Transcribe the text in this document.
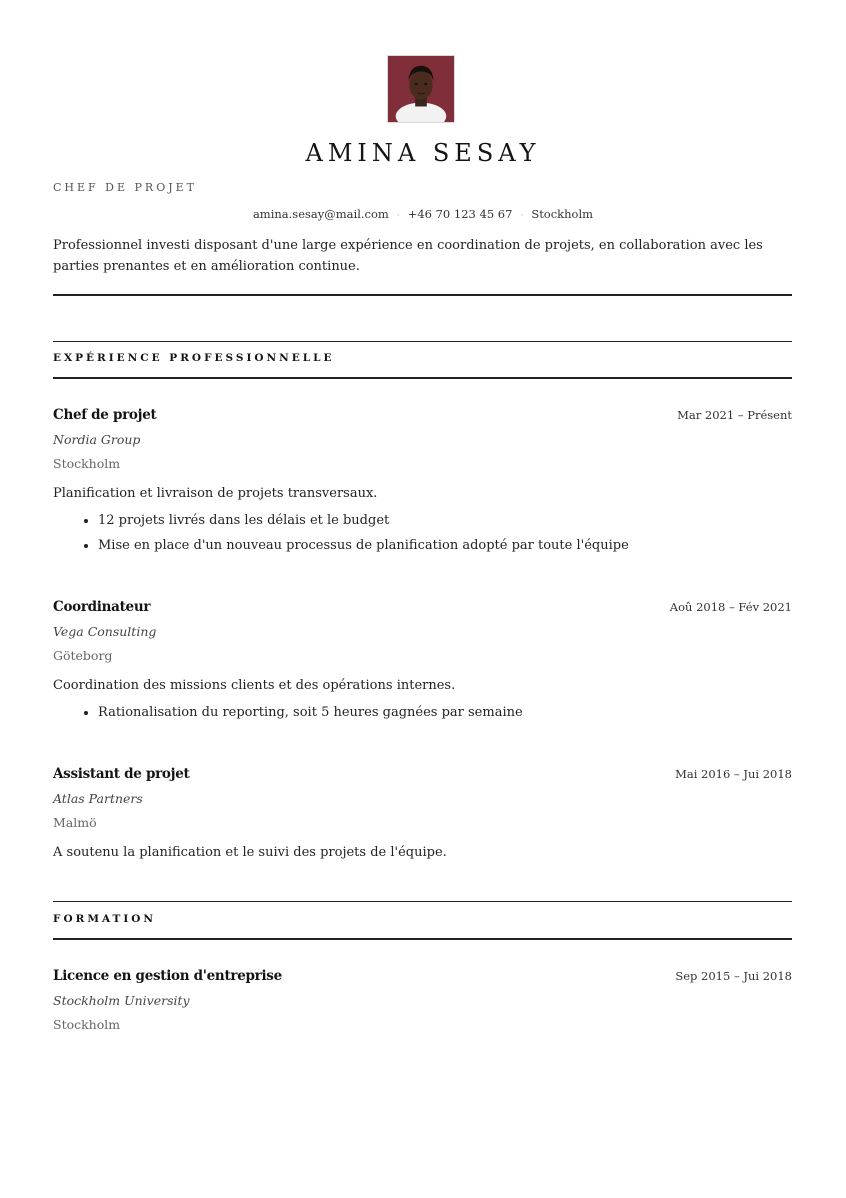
AMINA SESAY
CHEF DE PROJET
amina.sesay@mail.com · +46 70 123 45 67 · Stockholm

Professionnel investi disposant d'une large expérience en coordination de projets, en collaboration avec les parties prenantes et en amélioration continue.

EXPÉRIENCE PROFESSIONNELLE
Chef de projet	Mar 2021 – Présent
Nordia Group
Stockholm
Planification et livraison de projets transversaux.
• 12 projets livrés dans les délais et le budget
• Mise en place d'un nouveau processus de planification adopté par toute l'équipe
Coordinateur	Aoû 2018 – Fév 2021
Vega Consulting
Göteborg
Coordination des missions clients et des opérations internes.
• Rationalisation du reporting, soit 5 heures gagnées par semaine
Assistant de projet	Mai 2016 – Jui 2018
Atlas Partners
Malmö
A soutenu la planification et le suivi des projets de l'équipe.
FORMATION
Licence en gestion d'entreprise	Sep 2015 – Jui 2018
Stockholm University
Stockholm
